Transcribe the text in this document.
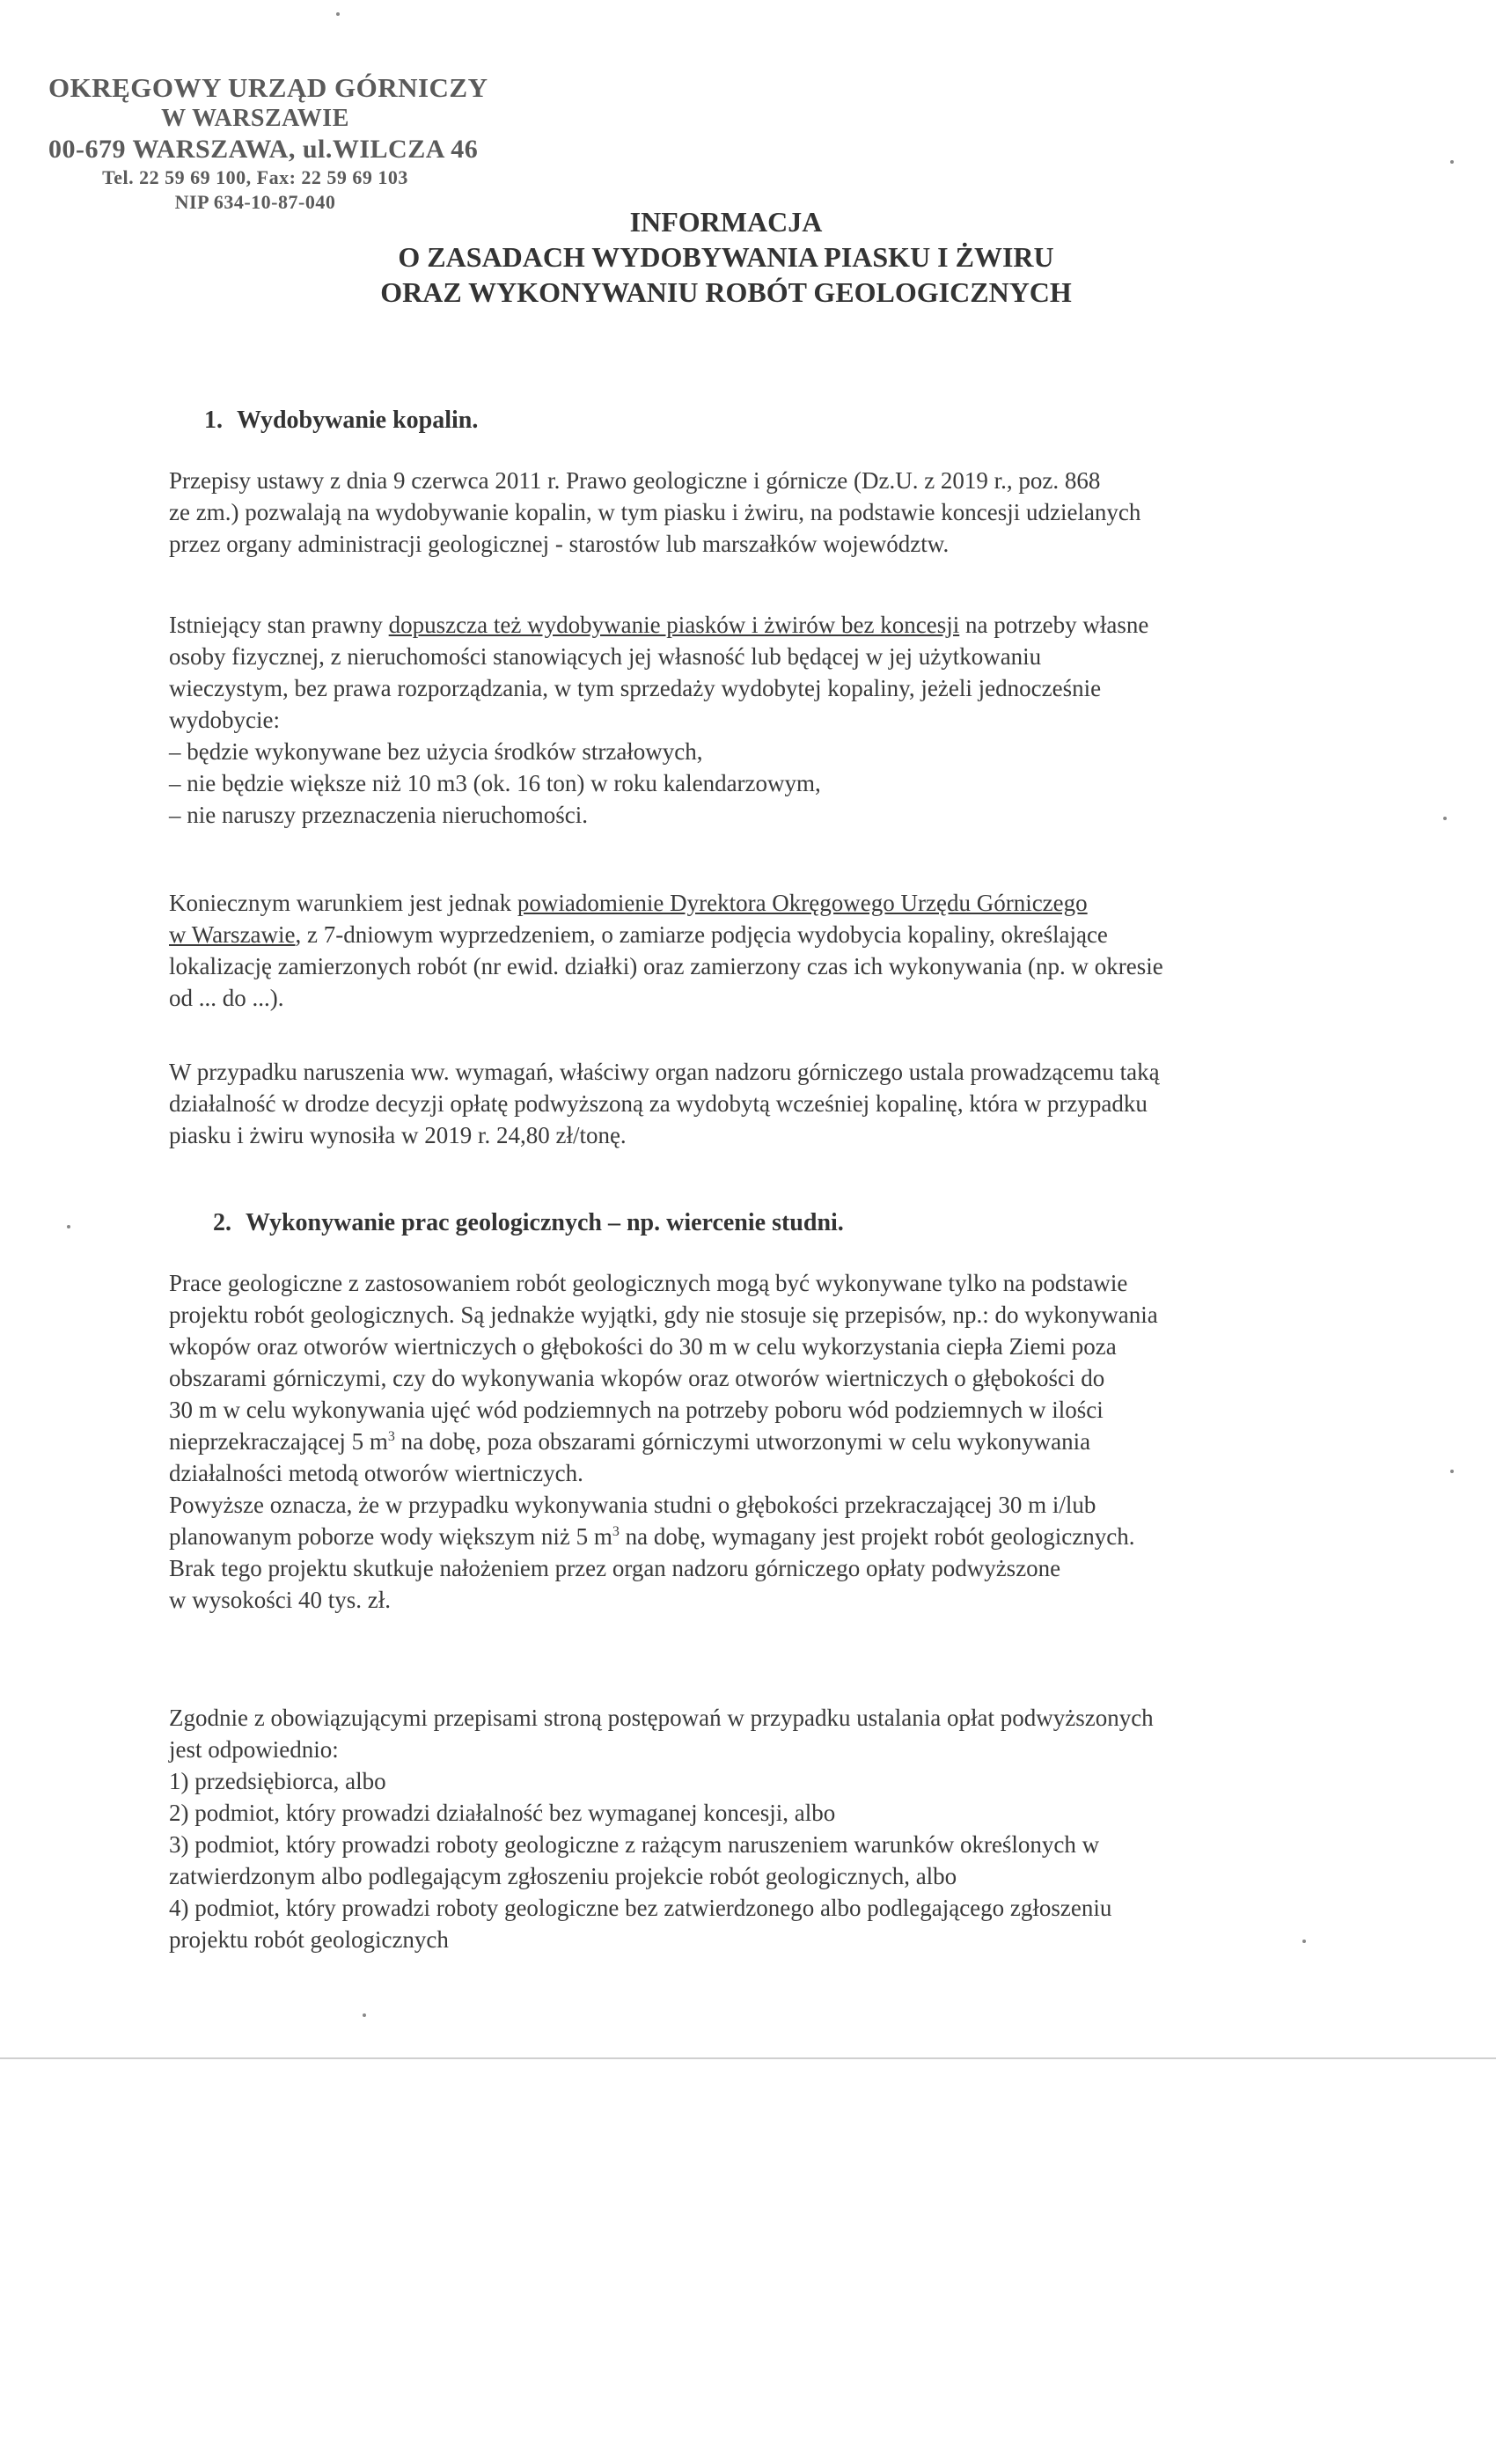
OKRĘGOWY URZĄD GÓRNICZY
W WARSZAWIE
00-679 WARSZAWA, ul.WILCZA 46
Tel. 22 59 69 100, Fax: 22 59 69 103
NIP 634-10-87-040
INFORMACJA
O ZASADACH WYDOBYWANIA PIASKU I ŻWIRU
ORAZ WYKONYWANIU ROBÓT GEOLOGICZNYCH
1. Wydobywanie kopalin.
Przepisy ustawy z dnia 9 czerwca 2011 r. Prawo geologiczne i górnicze (Dz.U. z 2019 r., poz. 868
ze zm.) pozwalają na wydobywanie kopalin, w tym piasku i żwiru, na podstawie koncesji udzielanych
przez organy administracji geologicznej - starostów lub marszałków województw.
Istniejący stan prawny dopuszcza też wydobywanie piasków i żwirów bez koncesji na potrzeby własne
osoby fizycznej, z nieruchomości stanowiących jej własność lub będącej w jej użytkowaniu
wieczystym, bez prawa rozporządzania, w tym sprzedaży wydobytej kopaliny, jeżeli jednocześnie
wydobycie:
– będzie wykonywane bez użycia środków strzałowych,
– nie będzie większe niż 10 m3 (ok. 16 ton) w roku kalendarzowym,
– nie naruszy przeznaczenia nieruchomości.
Koniecznym warunkiem jest jednak powiadomienie Dyrektora Okręgowego Urzędu Górniczego
w Warszawie, z 7-dniowym wyprzedzeniem, o zamiarze podjęcia wydobycia kopaliny, określające
lokalizację zamierzonych robót (nr ewid. działki) oraz zamierzony czas ich wykonywania (np. w okresie
od ... do ...).
W przypadku naruszenia ww. wymagań, właściwy organ nadzoru górniczego ustala prowadzącemu taką
działalność w drodze decyzji opłatę podwyższoną za wydobytą wcześniej kopalinę, która w przypadku
piasku i żwiru wynosiła w 2019 r. 24,80 zł/tonę.
2. Wykonywanie prac geologicznych – np. wiercenie studni.
Prace geologiczne z zastosowaniem robót geologicznych mogą być wykonywane tylko na podstawie
projektu robót geologicznych. Są jednakże wyjątki, gdy nie stosuje się przepisów, np.: do wykonywania
wkopów oraz otworów wiertniczych o głębokości do 30 m w celu wykorzystania ciepła Ziemi poza
obszarami górniczymi, czy do wykonywania wkopów oraz otworów wiertniczych o głębokości do
30 m w celu wykonywania ujęć wód podziemnych na potrzeby poboru wód podziemnych w ilości
nieprzekraczającej 5 $m^3$ na dobę, poza obszarami górniczymi utworzonymi w celu wykonywania
działalności metodą otworów wiertniczych.
Powyższe oznacza, że w przypadku wykonywania studni o głębokości przekraczającej 30 m i/lub
planowanym poborze wody większym niż 5 $m^3$ na dobę, wymagany jest projekt robót geologicznych.
Brak tego projektu skutkuje nałożeniem przez organ nadzoru górniczego opłaty podwyższone
w wysokości 40 tys. zł.
Zgodnie z obowiązującymi przepisami stroną postępowań w przypadku ustalania opłat podwyższonych
jest odpowiednio:
1) przedsiębiorca, albo
2) podmiot, który prowadzi działalność bez wymaganej koncesji, albo
3) podmiot, który prowadzi roboty geologiczne z rażącym naruszeniem warunków określonych w
zatwierdzonym albo podlegającym zgłoszeniu projekcie robót geologicznych, albo
4) podmiot, który prowadzi roboty geologiczne bez zatwierdzonego albo podlegającego zgłoszeniu
projektu robót geologicznych
